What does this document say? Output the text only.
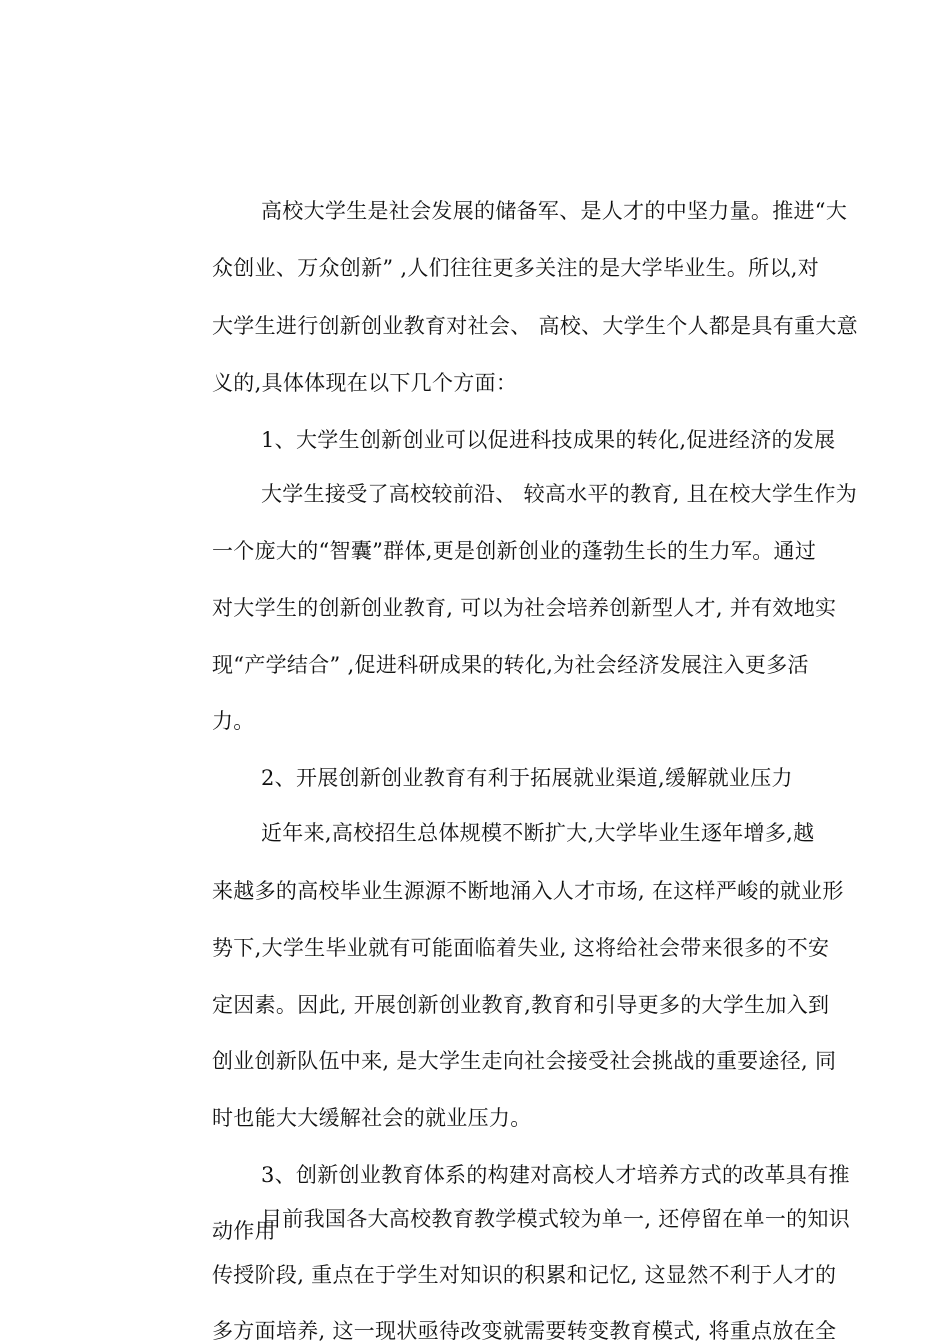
高校大学生是社会发展的储备军、是人才的中坚力量。推进“大
众创业、万众创新” ,人们往往更多关注的是大学毕业生。所以,对
大学生进行创新创业教育对社会、 高校、大学生个人都是具有重大意
义的,具体体现在以下几个方面：
1、大学生创新创业可以促进科技成果的转化,促进经济的发展
大学生接受了高校较前沿、 较高水平的教育, 且在校大学生作为
一个庞大的“智囊”群体,更是创新创业的蓬勃生长的生力军。通过
对大学生的创新创业教育, 可以为社会培养创新型人才, 并有效地实
现“产学结合” ,促进科研成果的转化,为社会经济发展注入更多活
力。
2、开展创新创业教育有利于拓展就业渠道,缓解就业压力
近年来,高校招生总体规模不断扩大,大学毕业生逐年增多,越
来越多的高校毕业生源源不断地涌入人才市场, 在这样严峻的就业形
势下,大学生毕业就有可能面临着失业, 这将给社会带来很多的不安
定因素。因此, 开展创新创业教育,教育和引导更多的大学生加入到
创业创新队伍中来, 是大学生走向社会接受社会挑战的重要途径, 同
时也能大大缓解社会的就业压力。
3、创新创业教育体系的构建对高校人才培养方式的改革具有推
动作用
目前我国各大高校教育教学模式较为单一, 还停留在单一的知识
传授阶段, 重点在于学生对知识的积累和记忆, 这显然不利于人才的
多方面培养, 这一现状亟待改变就需要转变教育模式, 将重点放在全
